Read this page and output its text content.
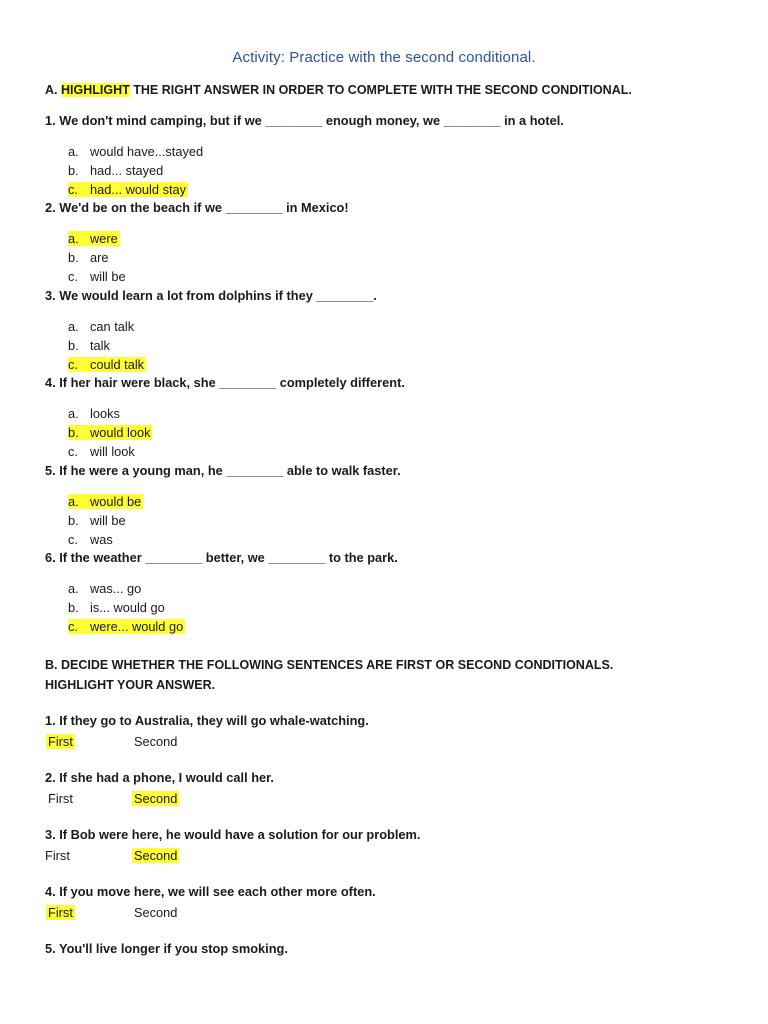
Activity: Practice with the second conditional.
A. HIGHLIGHT THE RIGHT ANSWER IN ORDER TO COMPLETE WITH THE SECOND CONDITIONAL.
1. We don't mind camping, but if we ________ enough money, we ________ in a hotel.
a. would have...stayed
b. had... stayed
c. had... would stay
2. We'd be on the beach if we ________ in Mexico!
a. were
b. are
c. will be
3. We would learn a lot from dolphins if they ________.
a. can talk
b. talk
c. could talk
4. If her hair were black, she ________ completely different.
a. looks
b. would look
c. will look
5. If he were a young man, he ________ able to walk faster.
a. would be
b. will be
c. was
6. If the weather ________ better, we ________ to the park.
a. was... go
b. is... would go
c. were... would go
B. DECIDE WHETHER THE FOLLOWING SENTENCES ARE FIRST OR SECOND CONDITIONALS.
HIGHLIGHT YOUR ANSWER.
1. If they go to Australia, they will go whale-watching.
First	Second
2. If she had a phone, I would call her.
First	Second
3. If Bob were here, he would have a solution for our problem.
First	Second
4. If you move here, we will see each other more often.
First	Second
5. You'll live longer if you stop smoking.
